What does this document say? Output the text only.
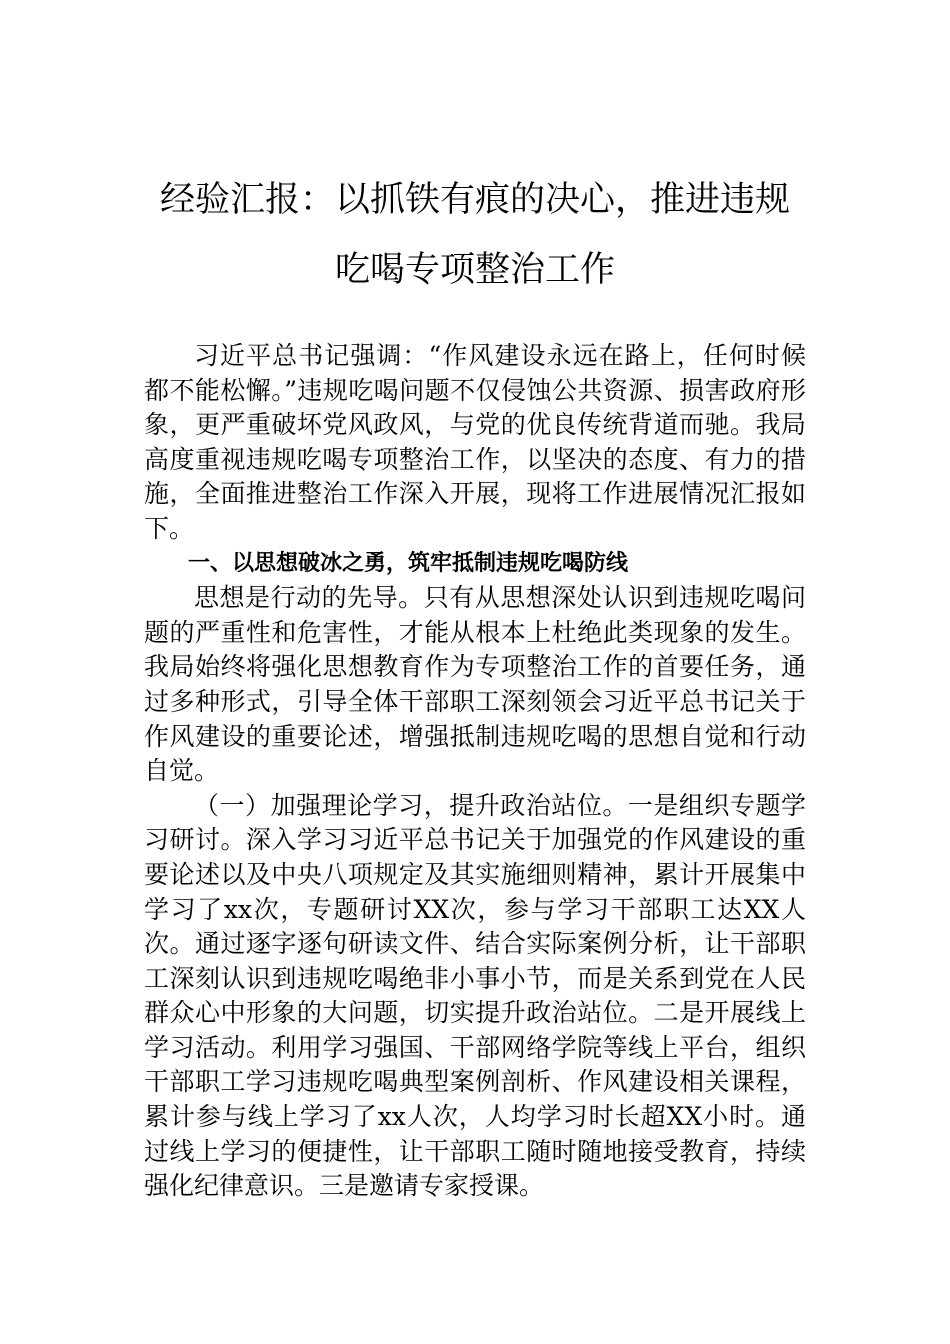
经验汇报：以抓铁有痕的决心，推进违规
吃喝专项整治工作

习近平总书记强调：“作风建设永远在路上，任何时候都不能松懈。”违规吃喝问题不仅侵蚀公共资源、损害政府形象，更严重破坏党风政风，与党的优良传统背道而驰。我局高度重视违规吃喝专项整治工作，以坚决的态度、有力的措施，全面推进整治工作深入开展，现将工作进展情况汇报如下。

一、以思想破冰之勇，筑牢抵制违规吃喝防线

思想是行动的先导。只有从思想深处认识到违规吃喝问题的严重性和危害性，才能从根本上杜绝此类现象的发生。我局始终将强化思想教育作为专项整治工作的首要任务，通过多种形式，引导全体干部职工深刻领会习近平总书记关于作风建设的重要论述，增强抵制违规吃喝的思想自觉和行动自觉。

（一）加强理论学习，提升政治站位。一是组织专题学习研讨。深入学习习近平总书记关于加强党的作风建设的重要论述以及中央八项规定及其实施细则精神，累计开展集中学习了xx次，专题研讨XX次，参与学习干部职工达XX人次。通过逐字逐句研读文件、结合实际案例分析，让干部职工深刻认识到违规吃喝绝非小事小节，而是关系到党在人民群众心中形象的大问题，切实提升政治站位。二是开展线上学习活动。利用学习强国、干部网络学院等线上平台，组织干部职工学习违规吃喝典型案例剖析、作风建设相关课程，累计参与线上学习了xx人次，人均学习时长超XX小时。通过线上学习的便捷性，让干部职工随时随地接受教育，持续强化纪律意识。三是邀请专家授课。
